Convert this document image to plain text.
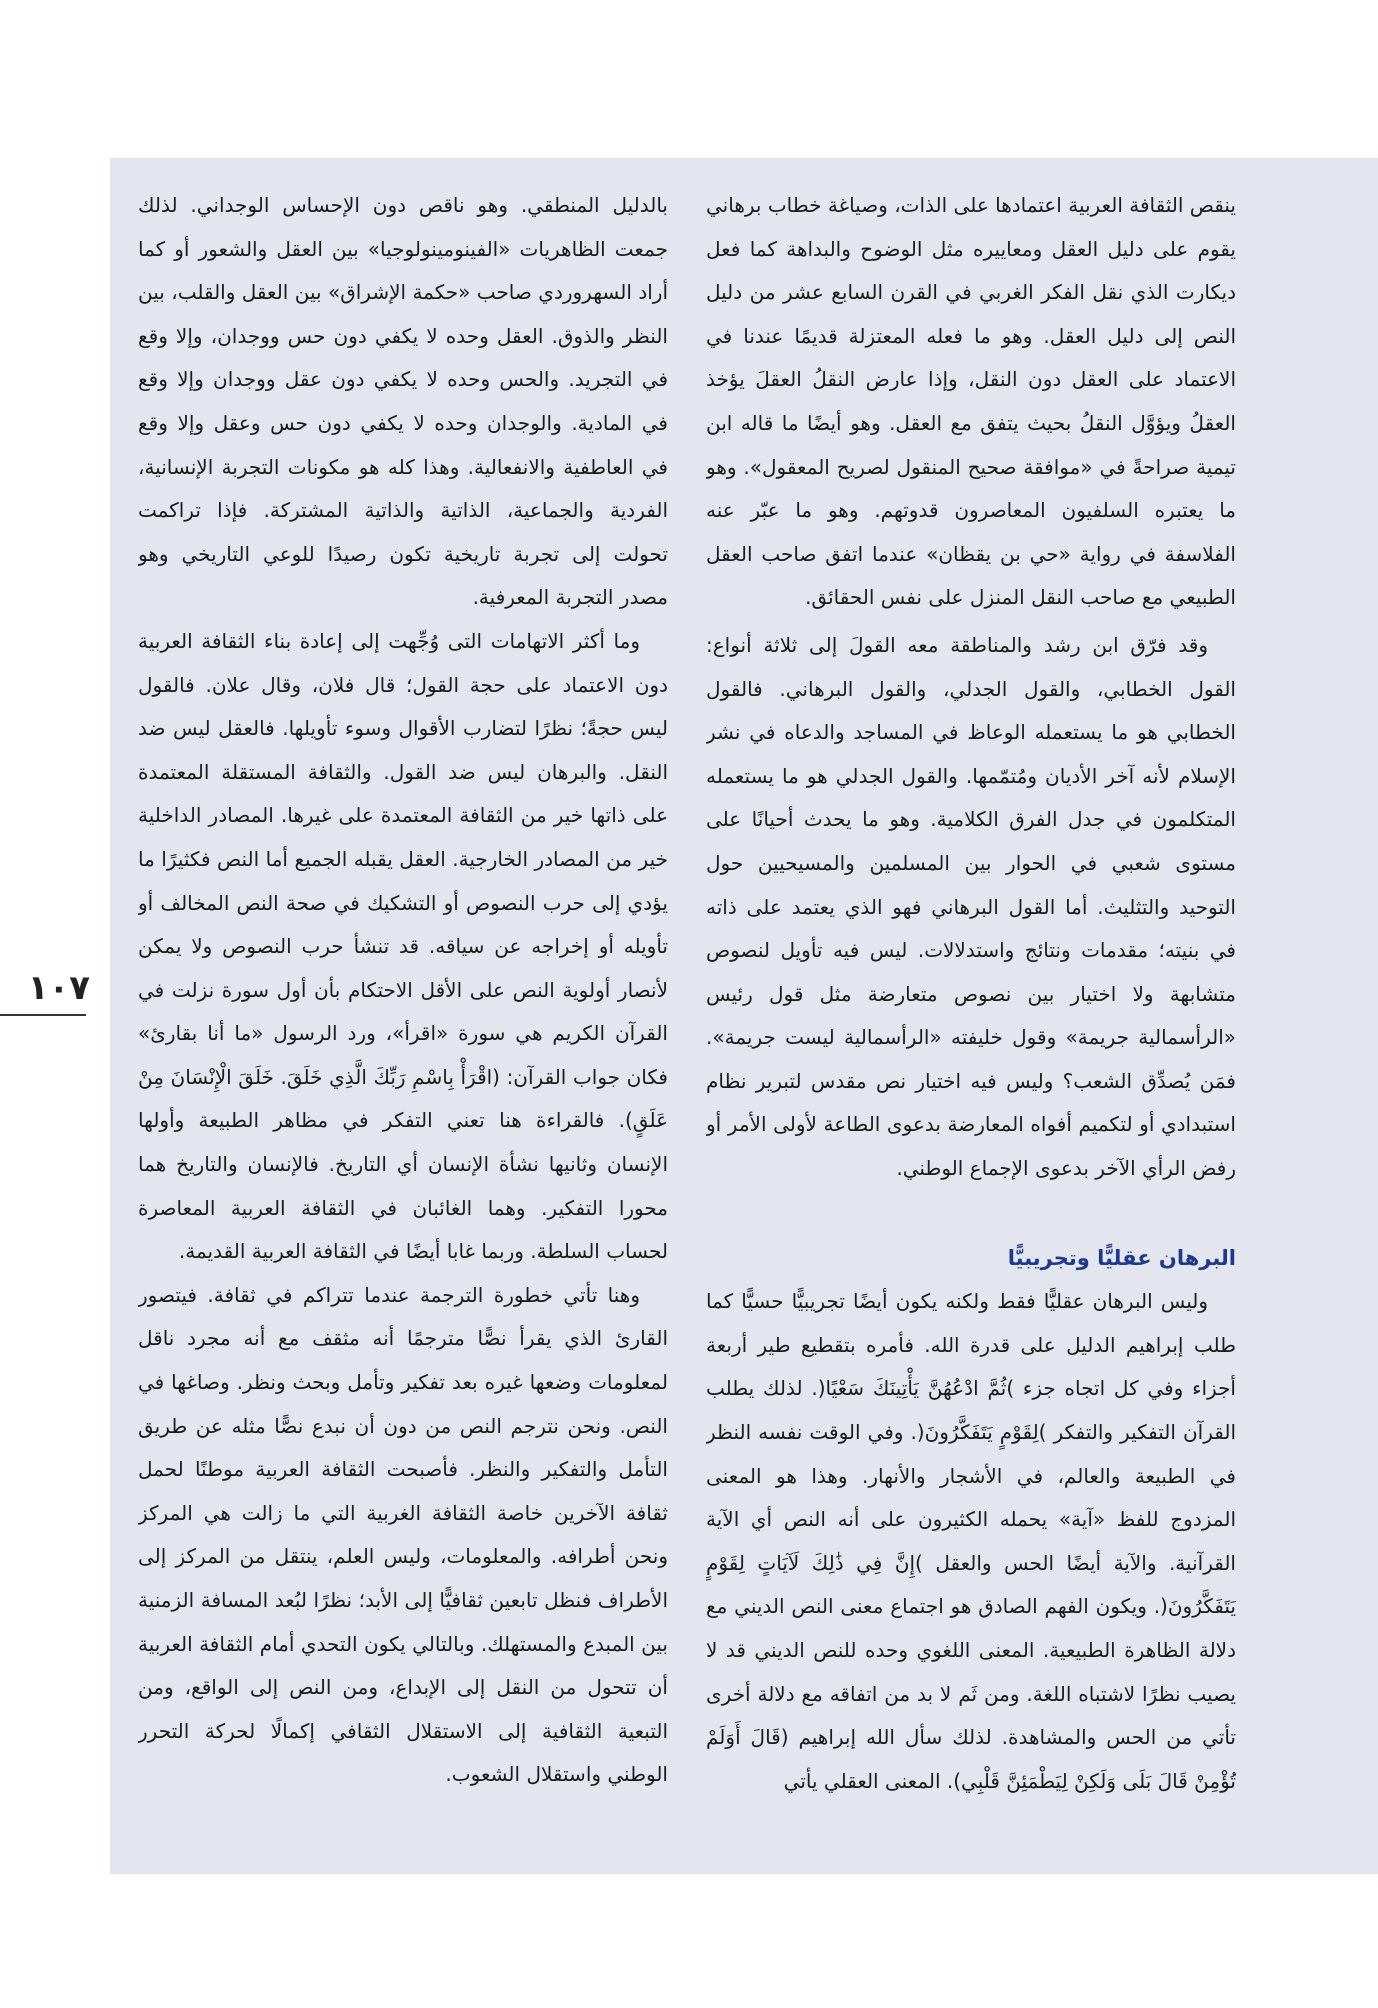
ينقص الثقافة العربية اعتمادها على الذات، وصياغة خطاب برهاني يقوم على دليل العقل ومعاييره مثل الوضوح والبداهة كما فعل ديكارت الذي نقل الفكر الغربي في القرن السابع عشر من دليل النص إلى دليل العقل. وهو ما فعله المعتزلة قديمًا عندنا في الاعتماد على العقل دون النقل، وإذا عارض النقلُ العقلَ يؤخذ العقلُ ويؤوَّل النقلُ بحيث يتفق مع العقل. وهو أيضًا ما قاله ابن تيمية صراحةً في «موافقة صحيح المنقول لصريح المعقول». وهو ما يعتبره السلفيون المعاصرون قدوتهم. وهو ما عبّر عنه الفلاسفة في رواية «حي بن يقظان» عندما اتفق صاحب العقل الطبيعي مع صاحب النقل المنزل على نفس الحقائق.

وقد فرّق ابن رشد والمناطقة معه القولَ إلى ثلاثة أنواع: القول الخطابي، والقول الجدلي، والقول البرهاني. فالقول الخطابي هو ما يستعمله الوعاظ في المساجد والدعاه في نشر الإسلام لأنه آخر الأديان ومُتمّمها. والقول الجدلي هو ما يستعمله المتكلمون في جدل الفرق الكلامية. وهو ما يحدث أحيانًا على مستوى شعبي في الحوار بين المسلمين والمسيحيين حول التوحيد والتثليث. أما القول البرهاني فهو الذي يعتمد على ذاته في بنيته؛ مقدمات ونتائج واستدلالات. ليس فيه تأويل لنصوص متشابهة ولا اختيار بين نصوص متعارضة مثل قول رئيس «الرأسمالية جريمة» وقول خليفته «الرأسمالية ليست جريمة». فمَن يُصدِّق الشعب؟ وليس فيه اختيار نص مقدس لتبرير نظام استبدادي أو لتكميم أفواه المعارضة بدعوى الطاعة لأولى الأمر أو رفض الرأي الآخر بدعوى الإجماع الوطني.

البرهان عقليًّا وتجريبيًّا

وليس البرهان عقليًّا فقط ولكنه يكون أيضًا تجريبيًّا حسيًّا كما طلب إبراهيم الدليل على قدرة الله. فأمره بتقطيع طير أربعة أجزاء وفي كل اتجاه جزء )ثُمَّ ادْعُهُنَّ يَأْتِينَكَ سَعْيًا(. لذلك يطلب القرآن التفكير والتفكر )لِقَوْمٍ يَتَفَكَّرُونَ(. وفي الوقت نفسه النظر في الطبيعة والعالم، في الأشجار والأنهار. وهذا هو المعنى المزدوج للفظ «آية» يحمله الكثيرون على أنه النص أي الآية القرآنية. والآية أيضًا الحس والعقل )إِنَّ فِي ذَٰلِكَ لَآيَاتٍ لِقَوْمٍ يَتَفَكَّرُونَ(. ويكون الفهم الصادق هو اجتماع معنى النص الديني مع دلالة الظاهرة الطبيعية. المعنى اللغوي وحده للنص الديني قد لا يصيب نظرًا لاشتباه اللغة. ومن ثَم لا بد من اتفاقه مع دلالة أخرى تأتي من الحس والمشاهدة. لذلك سأل الله إبراهيم (قَالَ أَوَلَمْ تُؤْمِنْ قَالَ بَلَى وَلَكِنْ لِيَطْمَئِنَّ قَلْبِي). المعنى العقلي يأتي

بالدليل المنطقي. وهو ناقص دون الإحساس الوجداني. لذلك جمعت الظاهريات «الفينومينولوجيا» بين العقل والشعور أو كما أراد السهروردي صاحب «حكمة الإشراق» بين العقل والقلب، بين النظر والذوق. العقل وحده لا يكفي دون حس ووجدان، وإلا وقع في التجريد. والحس وحده لا يكفي دون عقل ووجدان وإلا وقع في المادية. والوجدان وحده لا يكفي دون حس وعقل وإلا وقع في العاطفية والانفعالية. وهذا كله هو مكونات التجربة الإنسانية، الفردية والجماعية، الذاتية والذاتية المشتركة. فإذا تراكمت تحولت إلى تجربة تاريخية تكون رصيدًا للوعي التاريخي وهو مصدر التجربة المعرفية.

وما أكثر الاتهامات التى وُجِّهت إلى إعادة بناء الثقافة العربية دون الاعتماد على حجة القول؛ قال فلان، وقال علان. فالقول ليس حجةً؛ نظرًا لتضارب الأقوال وسوء تأويلها. فالعقل ليس ضد النقل. والبرهان ليس ضد القول. والثقافة المستقلة المعتمدة على ذاتها خير من الثقافة المعتمدة على غيرها. المصادر الداخلية خير من المصادر الخارجية. العقل يقبله الجميع أما النص فكثيرًا ما يؤدي إلى حرب النصوص أو التشكيك في صحة النص المخالف أو تأويله أو إخراجه عن سياقه. قد تنشأ حرب النصوص ولا يمكن لأنصار أولوية النص على الأقل الاحتكام بأن أول سورة نزلت في القرآن الكريم هي سورة «اقرأ»، ورد الرسول «ما أنا بقارئ» فكان جواب القرآن: (اقْرَأْ بِاسْمِ رَبِّكَ الَّذِي خَلَقَ. خَلَقَ الْإِنْسَانَ مِنْ عَلَقٍ). فالقراءة هنا تعني التفكر في مظاهر الطبيعة وأولها الإنسان وثانيها نشأة الإنسان أي التاريخ. فالإنسان والتاريخ هما محورا التفكير. وهما الغائبان في الثقافة العربية المعاصرة لحساب السلطة. وربما غابا أيضًا في الثقافة العربية القديمة.

وهنا تأتي خطورة الترجمة عندما تتراكم في ثقافة. فيتصور القارئ الذي يقرأ نصًّا مترجمًا أنه مثقف مع أنه مجرد ناقل لمعلومات وضعها غيره بعد تفكير وتأمل وبحث ونظر. وصاغها في النص. ونحن نترجم النص من دون أن نبدع نصًّا مثله عن طريق التأمل والتفكير والنظر. فأصبحت الثقافة العربية موطنًا لحمل ثقافة الآخرين خاصة الثقافة الغربية التي ما زالت هي المركز ونحن أطرافه. والمعلومات، وليس العلم، ينتقل من المركز إلى الأطراف فنظل تابعين ثقافيًّا إلى الأبد؛ نظرًا لبُعد المسافة الزمنية بين المبدع والمستهلك. وبالتالي يكون التحدي أمام الثقافة العربية أن تتحول من النقل إلى الإبداع، ومن النص إلى الواقع، ومن التبعية الثقافية إلى الاستقلال الثقافي إكمالًا لحركة التحرر الوطني واستقلال الشعوب.

١٠٧
